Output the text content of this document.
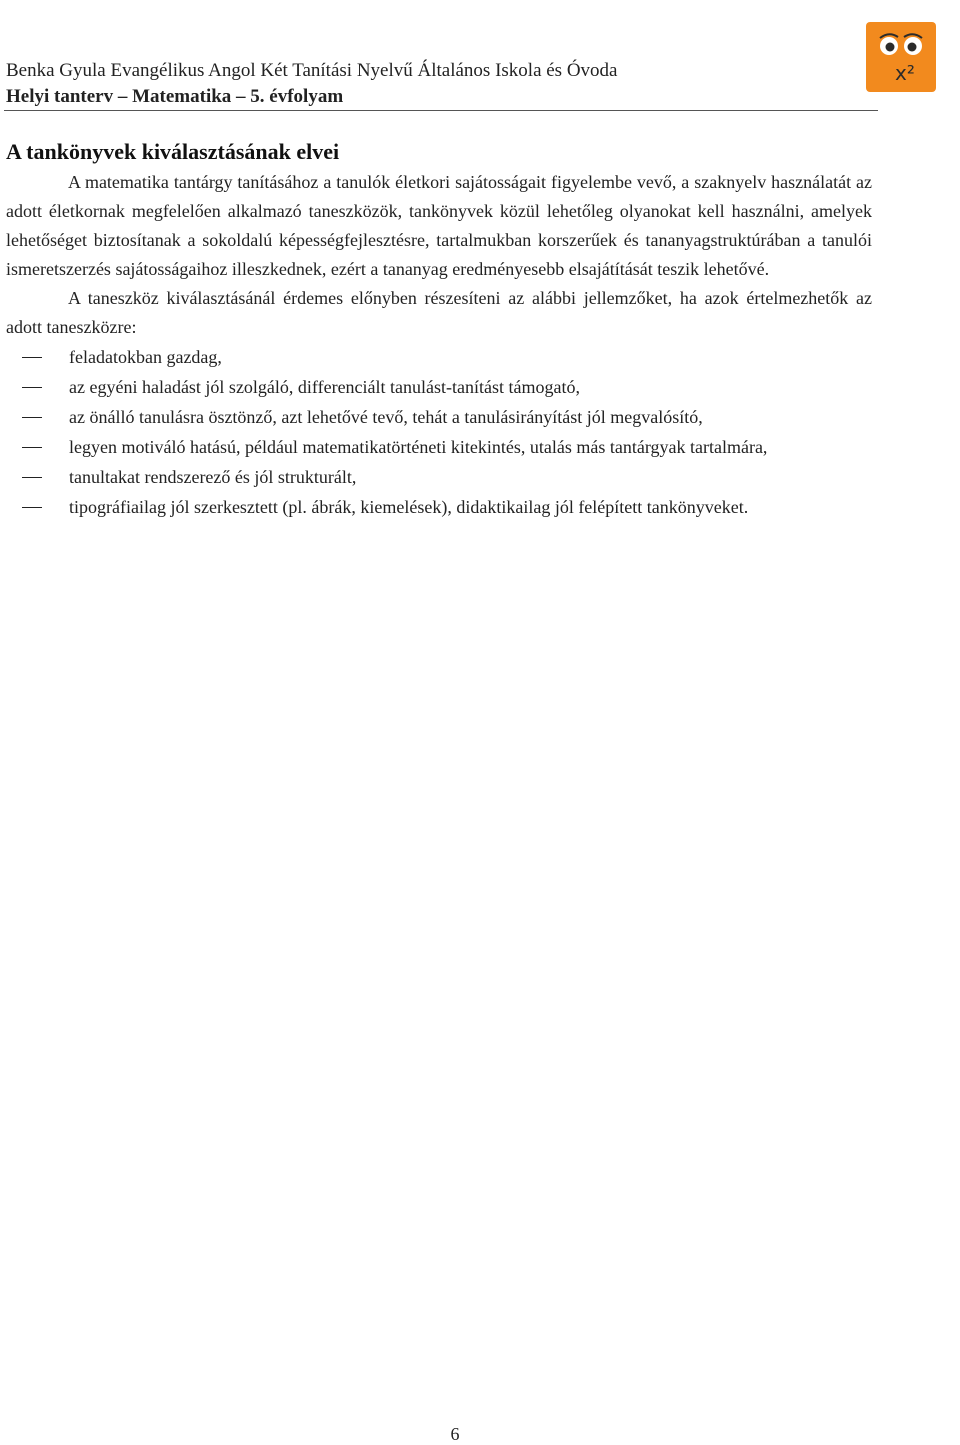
Benka Gyula Evangélikus Angol Két Tanítási Nyelvű Általános Iskola és Óvoda
Helyi tanterv – Matematika – 5. évfolyam
x²
A tankönyvek kiválasztásának elvei

A matematika tantárgy tanításához a tanulók életkori sajátosságait figyelembe vevő, a szaknyelv használatát az adott életkornak megfelelően alkalmazó taneszközök, tankönyvek közül lehetőleg olyanokat kell használni, amelyek lehetőséget biztosítanak a sokoldalú képességfejlesztésre, tartalmukban korszerűek és tananyagstruktúrában a tanulói ismeretszerzés sajátosságaihoz illeszkednek, ezért a tananyag eredményesebb elsajátítását teszik lehetővé.

A taneszköz kiválasztásánál érdemes előnyben részesíteni az alábbi jellemzőket, ha azok értelmezhetők az adott taneszközre:

feladatokban gazdag,
az egyéni haladást jól szolgáló, differenciált tanulást-tanítást támogató,
az önálló tanulásra ösztönző, azt lehetővé tevő, tehát a tanulásirányítást jól megvalósító,
legyen motiváló hatású, például matematikatörténeti kitekintés, utalás más tantárgyak tartalmára,
tanultakat rendszerező és jól strukturált,
tipográfiailag jól szerkesztett (pl. ábrák, kiemelések), didaktikailag jól felépített tankönyveket.
6
